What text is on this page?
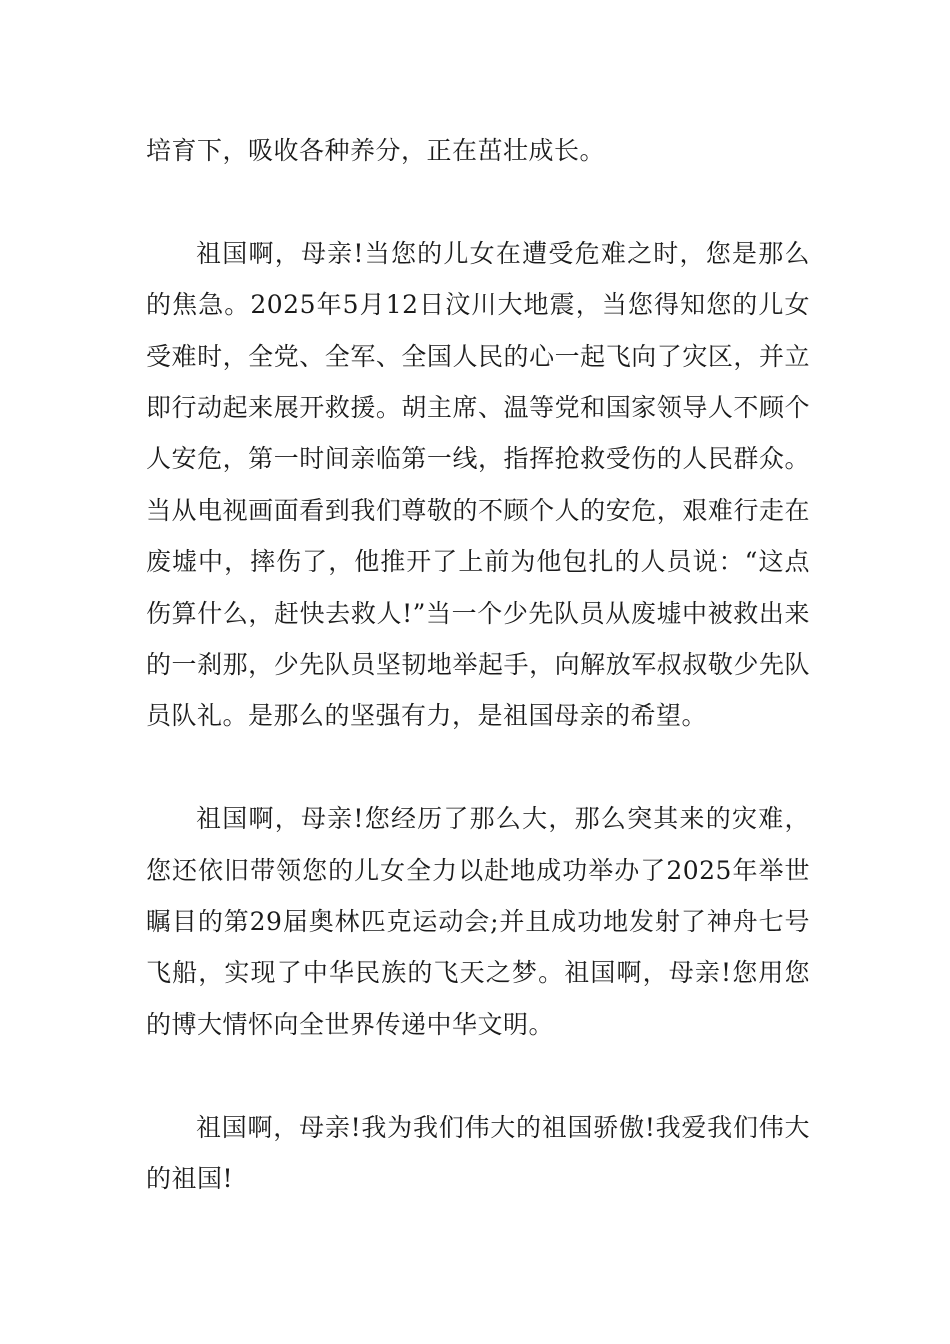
培育下，吸收各种养分，正在茁壮成长。

祖国啊，母亲!当您的儿女在遭受危难之时，您是那么的焦急。2025年5月12日汶川大地震，当您得知您的儿女受难时，全党、全军、全国人民的心一起飞向了灾区，并立即行动起来展开救援。胡主席、温等党和国家领导人不顾个人安危，第一时间亲临第一线，指挥抢救受伤的人民群众。当从电视画面看到我们尊敬的不顾个人的安危，艰难行走在废墟中，摔伤了，他推开了上前为他包扎的人员说：“这点伤算什么，赶快去救人!”当一个少先队员从废墟中被救出来的一刹那，少先队员坚韧地举起手，向解放军叔叔敬少先队员队礼。是那么的坚强有力，是祖国母亲的希望。

祖国啊，母亲!您经历了那么大，那么突其来的灾难，您还依旧带领您的儿女全力以赴地成功举办了2025年举世瞩目的第29届奥林匹克运动会;并且成功地发射了神舟七号飞船，实现了中华民族的飞天之梦。祖国啊，母亲!您用您的博大情怀向全世界传递中华文明。

祖国啊，母亲!我为我们伟大的祖国骄傲!我爱我们伟大的祖国!
